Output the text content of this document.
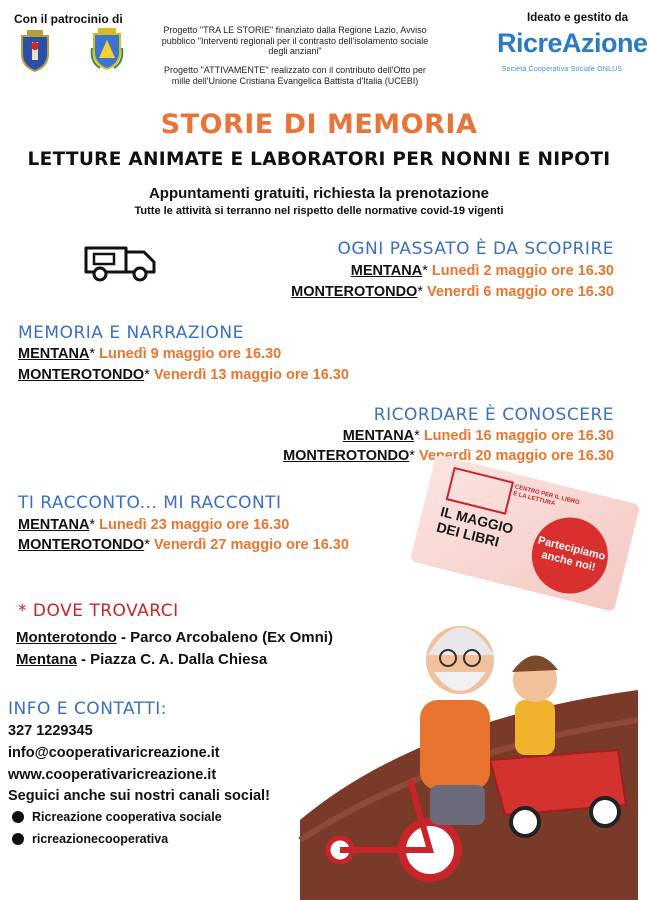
Con il patrocinio di
Progetto "TRA LE STORIE" finanziato dalla Regione Lazio, Avviso pubblico "Interventi regionali per il contrasto dell'isolamento sociale degli anziani"
Progetto "ATTIVAMENTE" realizzato con il contributo dell'Otto per mille dell'Unione Cristiana Evangelica Battista d'Italia (UCEBI)
Ideato e gestito da
RicreAzione
Società Cooperativa Sociale ONLUS
STORIE DI MEMORIA
LETTURE ANIMATE E LABORATORI PER NONNI E NIPOTI
Appuntamenti gratuiti, richiesta la prenotazione
Tutte le attività si terranno nel rispetto delle normative covid-19 vigenti
OGNI PASSATO È DA SCOPRIRE
MENTANA* Lunedì 2 maggio ore 16.30
MONTEROTONDO* Venerdì 6 maggio ore 16.30
MEMORIA E NARRAZIONE
MENTANA* Lunedì 9 maggio ore 16.30
MONTEROTONDO* Venerdì 13 maggio ore 16.30
RICORDARE È CONOSCERE
MENTANA* Lunedì 16 maggio ore 16.30
MONTEROTONDO* Venerdì 20 maggio ore 16.30
TI RACCONTO... MI RACCONTI
MENTANA* Lunedì 23 maggio ore 16.30
MONTEROTONDO* Venerdì 27 maggio ore 16.30
CENTRO PER IL LIBRO E LA LETTURA
IL MAGGIO DEI LIBRI	Partecipiamo anche noi!
* DOVE TROVARCI
Monterotondo - Parco Arcobaleno (Ex Omni)
Mentana - Piazza C. A. Dalla Chiesa
INFO E CONTATTI:
327 1229345
info@cooperativaricreazione.it
www.cooperativaricreazione.it
Seguici anche sui nostri canali social!
Ricreazione cooperativa sociale
ricreazionecooperativa
